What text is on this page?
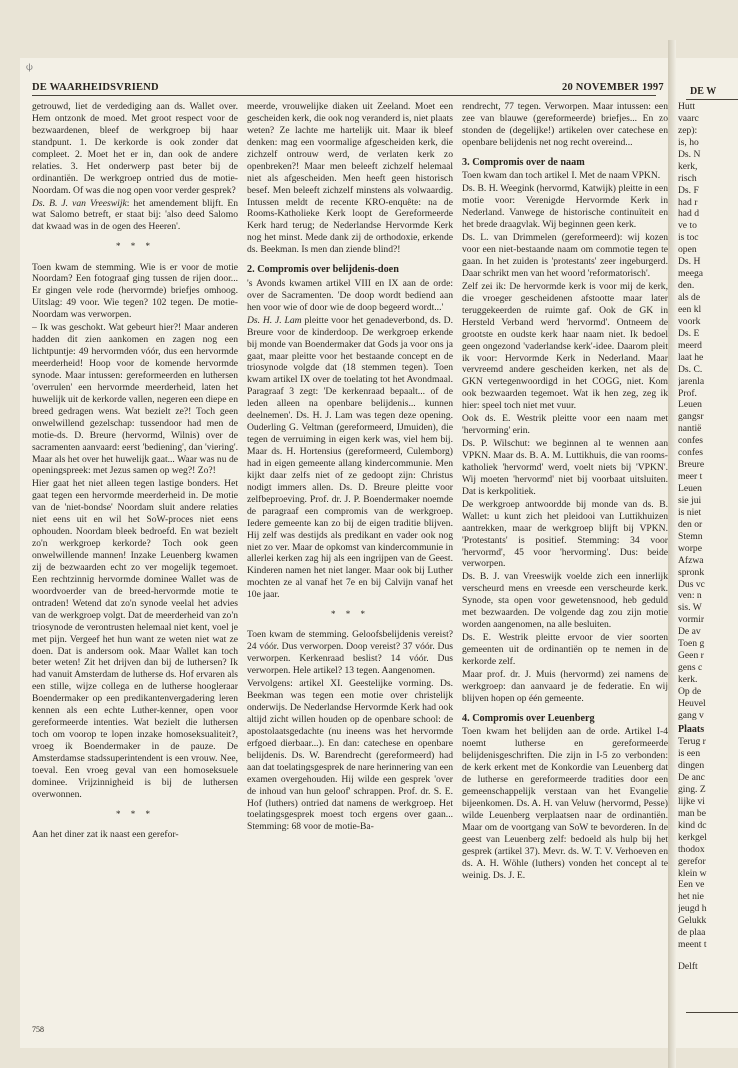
𐌸
DE WAARHEIDSVRIEND	20 NOVEMBER 1997

getrouwd, liet de verdediging aan ds. Wallet over. Hem ontzonk de moed. Met groot respect voor de bezwaardenen, bleef de werkgroep bij haar standpunt. 1. De kerkorde is ook zonder dat compleet. 2. Moet het er in, dan ook de andere relaties. 3. Het onderwerp past beter bij de ordinantiën. De werkgroep ontried dus de motie-Noordam. Of was die nog open voor verder gesprek?

Ds. B. J. van Vreeswijk: het amendement blijft. En wat Salomo betreft, er staat bij: 'also deed Salomo dat kwaad was in de ogen des Heeren'.

* * *

Toen kwam de stemming. Wie is er voor de motie Noordam? Een fotograaf ging tussen de rijen door... Er gingen vele rode (hervormde) briefjes omhoog. Uitslag: 49 voor. Wie tegen? 102 tegen. De motie-Noordam was verworpen.

– Ik was geschokt. Wat gebeurt hier?! Maar anderen hadden dit zien aankomen en zagen nog een lichtpuntje: 49 hervormden vóór, dus een hervormde meerderheid! Hoop voor de komende hervormde synode. Maar intussen: gereformeerden en luthersen 'overrulen' een hervormde meerderheid, laten het huwelijk uit de kerkorde vallen, negeren een diepe en breed gedragen wens. Wat bezielt ze?! Toch geen onwelwillend gezelschap: tussendoor had men de motie-ds. D. Breure (hervormd, Wilnis) over de sacramenten aanvaard: eerst 'bediening', dan 'viering'. Maar als het over het huwelijk gaat... Waar was nu de openingspreek: met Jezus samen op weg?! Zo?!

Hier gaat het niet alleen tegen lastige bonders. Het gaat tegen een hervormde meerderheid in. De motie van de 'niet-bondse' Noordam sluit andere relaties niet eens uit en wil het SoW-proces niet eens ophouden. Noordam bleek bedroefd. En wat bezielt zo'n werkgroep kerkorde? Toch ook geen onwelwillende mannen! Inzake Leuenberg kwamen zij de bezwaarden echt zo ver mogelijk tegemoet. Een rechtzinnig hervormde dominee Wallet was de woordvoerder van de breed-hervormde motie te ontraden! Wetend dat zo'n synode veelal het advies van de werkgroep volgt. Dat de meerderheid van zo'n triosynode de verontrusten helemaal niet kent, voel je met pijn. Vergeef het hun want ze weten niet wat ze doen. Dat is andersom ook. Maar Wallet kan toch beter weten! Zit het drijven dan bij de luthersen? Ik had vanuit Amsterdam de lutherse ds. Hof ervaren als een stille, wijze collega en de lutherse hoogleraar Boendermaker op een predikantenvergadering leren kennen als een echte Luther-kenner, open voor gereformeerde intenties. Wat bezielt die luthersen toch om voorop te lopen inzake homoseksualiteit?, vroeg ik Boendermaker in de pauze. De Amsterdamse stadssuperintendent is een vrouw. Nee, toeval. Een vroeg geval van een homoseksuele dominee. Vrijzinnigheid is bij de luthersen overwonnen.

* * *

Aan het diner zat ik naast een gerefor-

meerde, vrouwelijke diaken uit Zeeland. Moet een gescheiden kerk, die ook nog veranderd is, niet plaats weten? Ze lachte me hartelijk uit. Maar ik bleef denken: mag een voormalige afgescheiden kerk, die zichzelf ontrouw werd, de verlaten kerk zo openbreken?! Maar men beleeft zichzelf helemaal niet als afgescheiden. Men heeft geen historisch besef. Men beleeft zichzelf minstens als volwaardig. Intussen meldt de recente KRO-enquête: na de Rooms-Katholieke Kerk loopt de Gereformeerde Kerk hard terug; de Nederlandse Hervormde Kerk nog het minst. Mede dank zij de orthodoxie, erkende ds. Beekman. Is men dan ziende blind?!

2. Compromis over belijdenis-doen

's Avonds kwamen artikel VIII en IX aan de orde: over de Sacramenten. 'De doop wordt bediend aan hen voor wie of door wie de doop begeerd wordt...'

Ds. H. J. Lam pleitte voor het genadeverbond, ds. D. Breure voor de kinderdoop. De werkgroep erkende bij monde van Boendermaker dat Gods ja voor ons ja gaat, maar pleitte voor het bestaande concept en de triosynode volgde dat (18 stemmen tegen). Toen kwam artikel IX over de toelating tot het Avondmaal. Paragraaf 3 zegt: 'De kerkenraad bepaalt... of de leden alleen na openbare belijdenis... kunnen deelnemen'. Ds. H. J. Lam was tegen deze opening. Ouderling G. Veltman (gereformeerd, IJmuiden), die tegen de verruiming in eigen kerk was, viel hem bij. Maar ds. H. Hortensius (gereformeerd, Culemborg) had in eigen gemeente allang kindercommunie. Men kijkt daar zelfs niet of ze gedoopt zijn: Christus nodigt immers allen. Ds. D. Breure pleitte voor zelfbeproeving. Prof. dr. J. P. Boendermaker noemde de paragraaf een compromis van de werkgroep. Iedere gemeente kan zo bij de eigen traditie blijven. Hij zelf was destijds als predikant en vader ook nog niet zo ver. Maar de opkomst van kindercommunie in allerlei kerken zag hij als een ingrijpen van de Geest. Kinderen namen het niet langer. Maar ook bij Luther mochten ze al vanaf het 7e en bij Calvijn vanaf het 10e jaar.

* * *

Toen kwam de stemming. Geloofsbelijdenis vereist? 24 vóór. Dus verworpen. Doop vereist? 37 vóór. Dus verworpen. Kerkenraad beslist? 14 vóór. Dus verworpen. Hele artikel? 13 tegen. Aangenomen.

Vervolgens: artikel XI. Geestelijke vorming. Ds. Beekman was tegen een motie over christelijk onderwijs. De Nederlandse Hervormde Kerk had ook altijd zicht willen houden op de openbare school: de apostolaatsgedachte (nu ineens was het hervormde erfgoed dierbaar...). En dan: catechese en openbare belijdenis. Ds. W. Barendrecht (gereformeerd) had aan dat toelatingsgesprek de nare herinnering van een examen overgehouden. Hij wilde een gesprek 'over de inhoud van hun geloof' schrappen. Prof. dr. S. E. Hof (luthers) ontried dat namens de werkgroep. Het toelatingsgesprek moest toch ergens over gaan... Stemming: 68 voor de motie-Ba-

rendrecht, 77 tegen. Verworpen. Maar intussen: een zee van blauwe (gereformeerde) briefjes... En zo stonden de (degelijke!) artikelen over catechese en openbare belijdenis net nog recht overeind...

3. Compromis over de naam

Toen kwam dan toch artikel I. Met de naam VPKN.

Ds. B. H. Weegink (hervormd, Katwijk) pleitte in een motie voor: Verenigde Hervormde Kerk in Nederland. Vanwege de historische continuïteit en het brede draagvlak. Wij beginnen geen kerk.

Ds. L. van Drimmelen (gereformeerd): wij kozen voor een niet-bestaande naam om commotie tegen te gaan. In het zuiden is 'protestants' zeer ingeburgerd. Daar schrikt men van het woord 'reformatorisch'.

Zelf zei ik: De hervormde kerk is voor mij de kerk, die vroeger gescheidenen afstootte maar later teruggekeerden de ruimte gaf. Ook de GK in Hersteld Verband werd 'hervormd'. Ontneem de grootste en oudste kerk haar naam niet. Ik bedoel geen ongezond 'vaderlandse kerk'-idee. Daarom pleit ik voor: Hervormde Kerk in Nederland. Maar vervreemd andere gescheiden kerken, net als de GKN vertegenwoordigd in het COGG, niet. Kom ook bezwaarden tegemoet. Wat ik hen zeg, zeg ik hier: speel toch niet met vuur.

Ook ds. E. Westrik pleitte voor een naam met 'hervorming' erin.

Ds. P. Wilschut: we beginnen al te wennen aan VPKN. Maar ds. B. A. M. Luttikhuis, die van rooms-katholiek 'hervormd' werd, voelt niets bij 'VPKN'. Wij moeten 'hervormd' niet bij voorbaat uitsluiten. Dat is kerkpolitiek.

De werkgroep antwoordde bij monde van ds. B. Wallet: u kunt zich het pleidooi van Luttikhuizen aantrekken, maar de werkgroep blijft bij VPKN. 'Protestants' is positief. Stemming: 34 voor 'hervormd', 45 voor 'hervorming'. Dus: beide verworpen.

Ds. B. J. van Vreeswijk voelde zich een innerlijk verscheurd mens en vreesde een verscheurde kerk. Synode, sta open voor gewetensnood, heb geduld met bezwaarden. De volgende dag zou zijn motie worden aangenomen, na alle besluiten.

Ds. E. Westrik pleitte ervoor de vier soorten gemeenten uit de ordinantiën op te nemen in de kerkorde zelf.

Maar prof. dr. J. Muis (hervormd) zei namens de werkgroep: dan aanvaard je de federatie. En wij blijven hopen op één gemeente.

4. Compromis over Leuenberg

Toen kwam het belijden aan de orde. Artikel I-4 noemt lutherse en gereformeerde belijdenisgeschriften. Die zijn in I-5 zo verbonden: de kerk erkent met de Konkordie van Leuenberg dat de lutherse en gereformeerde tradities door een gemeenschappelijk verstaan van het Evangelie bijeenkomen. Ds. A. H. van Veluw (hervormd, Pesse) wilde Leuenberg verplaatsen naar de ordinantiën. Maar om de voortgang van SoW te bevorderen. In de geest van Leuenberg zelf: bedoeld als hulp bij het gesprek (artikel 37). Mevr. ds. W. T. V. Verhoeven en ds. A. H. Wöhle (luthers) vonden het concept al te weinig. Ds. J. E.

758
DE W
Hutt
vaarc
zep):
is, ho
Ds. N
kerk,
risch
Ds. F
had r
had d
ve to
is toc
open
Ds. H
meega
den.
als de
een kl
voork
Ds. E
meerd
laat he
Ds. C.
jarenla
Prof.
Leuen
gangsr
nantië
confes
confes
Breure
meer t
Leuen
sie jui
is niet
den or
Stemn
worpe
Afzwa
spronk
Dus vc
ven: n
sis. W
vormir
De av
Toen g
Geen r
gens c
kerk.
Op de
Heuvel
gang v
Plaats
Terug r
is een
dingen
De anc
ging. Z
lijke vi
man be
kind dc
kerkgel
thodox
gerefor
klein w
Een ve
het nie
jeugd h
Gelukk
de plaa
meent t
Delft
